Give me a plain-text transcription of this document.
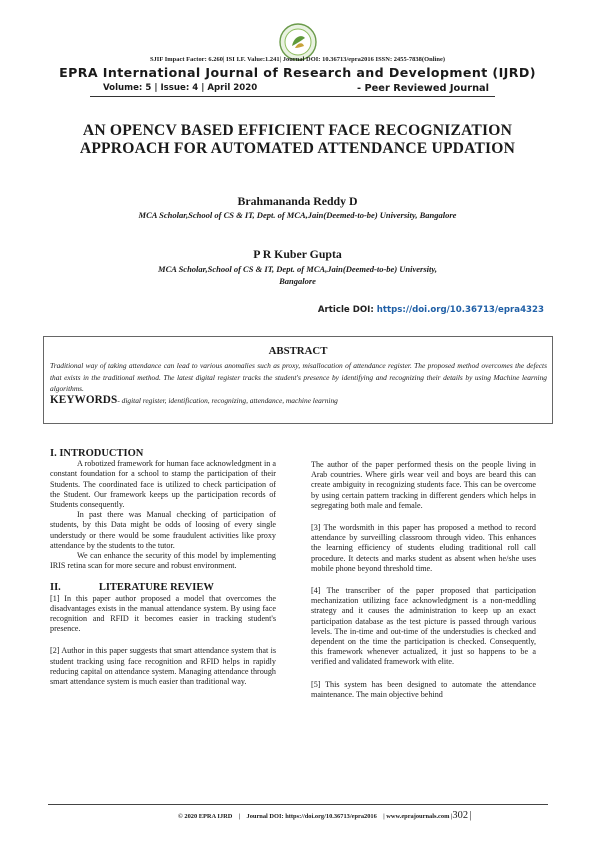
SJIF Impact Factor: 6.260| ISI I.F. Value:1.241| Journal DOI: 10.36713/epra2016 ISSN: 2455-7838(Online)
EPRA International Journal of Research and Development (IJRD)
Volume: 5 | Issue: 4 | April 2020	- Peer Reviewed Journal
AN OPENCV BASED EFFICIENT FACE RECOGNIZATION
APPROACH FOR AUTOMATED ATTENDANCE UPDATION
Brahmananda Reddy D
MCA Scholar,School of CS & IT, Dept. of MCA,Jain(Deemed-to-be) University, Bangalore
P R Kuber Gupta
MCA Scholar,School of CS & IT, Dept. of MCA,Jain(Deemed-to-be) University,
Bangalore
Article DOI: https://doi.org/10.36713/epra4323
ABSTRACT
Traditional way of taking attendance can lead to various anomalies such as proxy, misallocation of attendance register. The proposed method overcomes the defects that exists in the traditional method. The latest digital register tracks the student's presence by identifying and recognizing their details by using Machine learning algorithms.
KEYWORDS- digital register, identification, recognizing, attendance, machine learning
I. INTRODUCTION

A robotized framework for human face acknowledgment in a constant foundation for a school to stamp the participation of their Students. The coordinated face is utilized to check participation of the Student. Our framework keeps up the participation records of Students consequently.

In past there was Manual checking of participation of students, by this Data might be odds of loosing of every single understudy or there would be some fraudulent activities like proxy attendance by the students to the tutor.

We can enhance the security of this model by implementing IRIS retina scan for more secure and robust environment.

II.	LITERATURE REVIEW

[1] In this paper author proposed a model that overcomes the disadvantages exists in the manual attendance system. By using face recognition and RFID it becomes easier in tracking student's presence.

[2] Author in this paper suggests that smart attendance system that is student tracking using face recognition and RFID helps in rapidly reducing capital on attendance system. Managing attendance through smart attendance system is much easier than traditional way.

The author of the paper performed thesis on the people living in Arab countries. Where girls wear veil and boys are beard this can create ambiguity in recognizing students face. This can be overcome by using certain pattern tracking in different genders which helps in segregating both male and female.

[3] The wordsmith in this paper has proposed a method to record attendance by surveilling classroom through video. This enhances the learning efficiency of students eluding traditional roll call procedure. It detects and marks student as absent when he/she uses mobile phone beyond threshold time.

[4] The transcriber of the paper proposed that participation mechanization utilizing face acknowledgment is a non-meddling strategy and it causes the administration to keep up an exact participation database as the test picture is passed through various levels. The in-time and out-time of the understudies is checked and dependent on the time the participation is checked. Consequently, this framework whenever actualized, it just so happens to be a verified and validated framework with elite.

[5] This system has been designed to automate the attendance maintenance. The main objective behind

© 2020 EPRA IJRD | Journal DOI: https://doi.org/10.36713/epra2016 | www.eprajournals.com |302 |
